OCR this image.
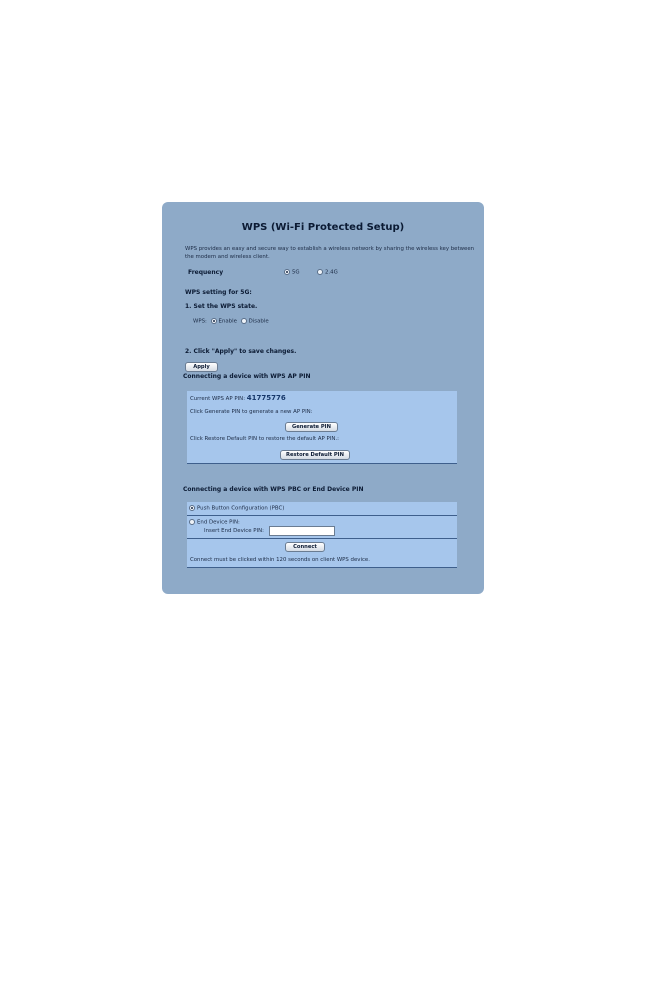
WPS (Wi-Fi Protected Setup)
WPS provides an easy and secure way to establish a wireless network by sharing the wireless key between the modem and wireless client.
Frequency	5G	2.4G
WPS setting for 5G:
1. Set the WPS state.
WPS: Enable Disable
2. Click "Apply" to save changes.
Apply
Connecting a device with WPS AP PIN
Current WPS AP PIN: 41775776
Click Generate PIN to generate a new AP PIN:
Generate PIN
Click Restore Default PIN to restore the default AP PIN.:
Restore Default PIN
Connecting a device with WPS PBC or End Device PIN
Push Button Configuration (PBC)
End Device PIN:
Insert End Device PIN:
Connect
Connect must be clicked within 120 seconds on client WPS device.
